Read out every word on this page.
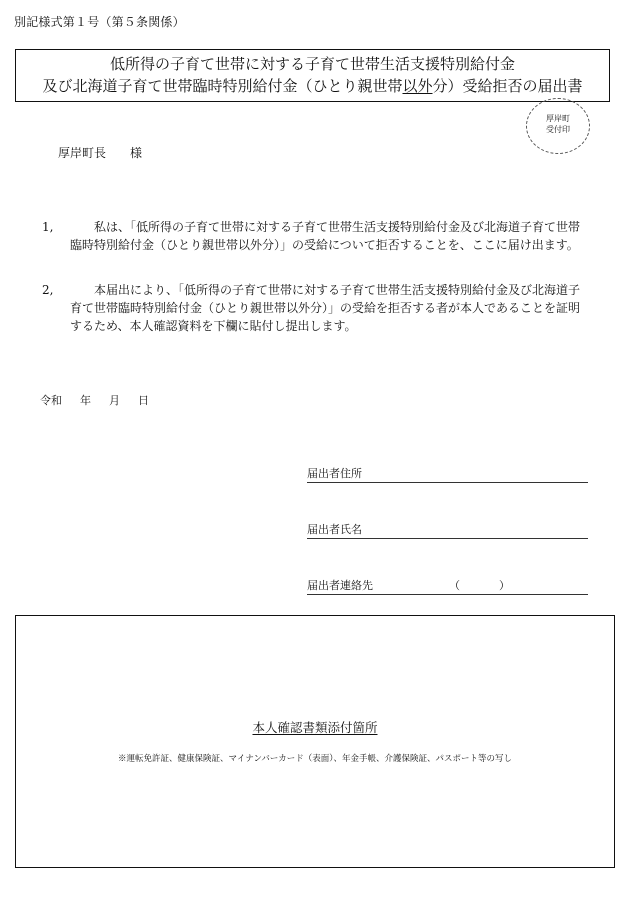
別記様式第１号（第５条関係）
低所得の子育て世帯に対する子育て世帯生活支援特別給付金
及び北海道子育て世帯臨時特別給付金（ひとり親世帯以外分）受給拒否の届出書
厚岸町
受付印
厚岸町長 様
1,	私は、「低所得の子育て世帯に対する子育て世帯生活支援特別給付金及び北海道子育て世帯臨時特別給付金（ひとり親世帯以外分）」の受給について拒否することを、ここに届け出ます。
2,	本届出により、「低所得の子育て世帯に対する子育て世帯生活支援特別給付金及び北海道子育て世帯臨時特別給付金（ひとり親世帯以外分）」の受給を拒否する者が本人であることを証明するため、本人確認資料を下欄に貼付し提出します。
令和 年 月 日
届出者住所
届出者氏名
届出者連絡先	（	）
本人確認書類添付箇所
※運転免許証、健康保険証、マイナンバーカード（表面）、年金手帳、介護保険証、パスポート等の写し
